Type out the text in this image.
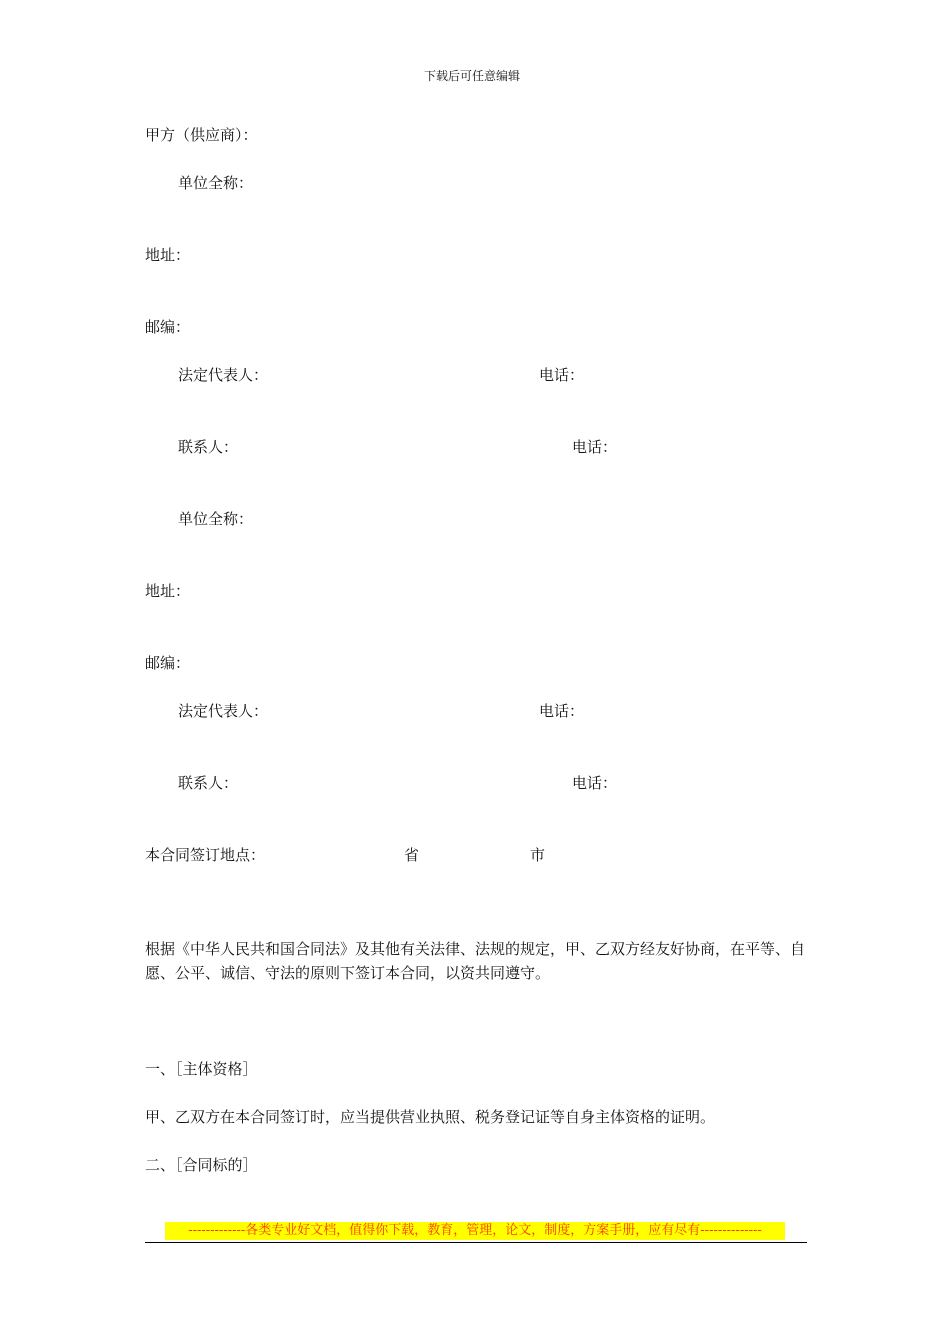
下载后可任意编辑
甲方（供应商）：
单位全称：
地址：
邮编：
法定代表人：	电话：
联系人：	电话：
单位全称：
地址：
邮编：
法定代表人：	电话：
联系人：	电话：
本合同签订地点：	省	市
根据《中华人民共和国合同法》及其他有关法律、法规的规定，甲、乙双方经友好协商，在平等、自愿、公平、诚信、守法的原则下签订本合同，以资共同遵守。
一、［主体资格］
甲、乙双方在本合同签订时，应当提供营业执照、税务登记证等自身主体资格的证明。
二、［合同标的］
-------------各类专业好文档，值得你下载，教育，管理，论文，制度，方案手册，应有尽有--------------
